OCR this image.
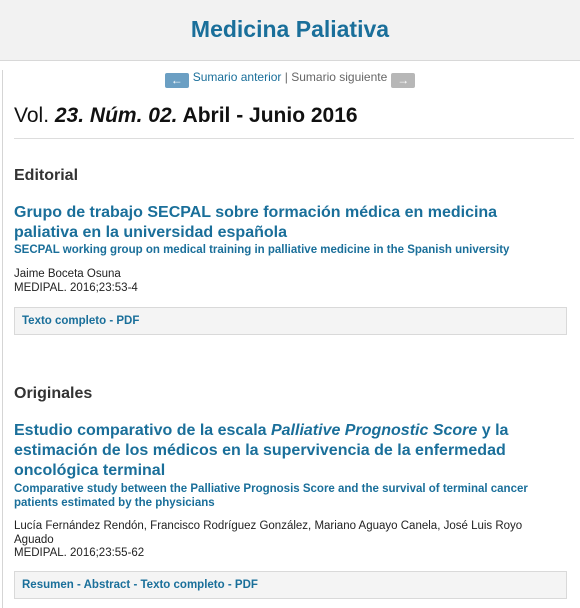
Medicina Paliativa
← Sumario anterior | Sumario siguiente →
Vol. 23. Núm. 02. Abril - Junio 2016
Editorial
Grupo de trabajo SECPAL sobre formación médica en medicina paliativa en la universidad española
SECPAL working group on medical training in palliative medicine in the Spanish university
Jaime Boceta Osuna
MEDIPAL. 2016;23:53-4
Texto completo - PDF
Originales
Estudio comparativo de la escala Palliative Prognostic Score y la estimación de los médicos en la supervivencia de la enfermedad oncológica terminal
Comparative study between the Palliative Prognosis Score and the survival of terminal cancer patients estimated by the physicians
Lucía Fernández Rendón, Francisco Rodríguez González, Mariano Aguayo Canela, José Luis Royo Aguado
MEDIPAL. 2016;23:55-62
Resumen - Abstract - Texto completo - PDF
